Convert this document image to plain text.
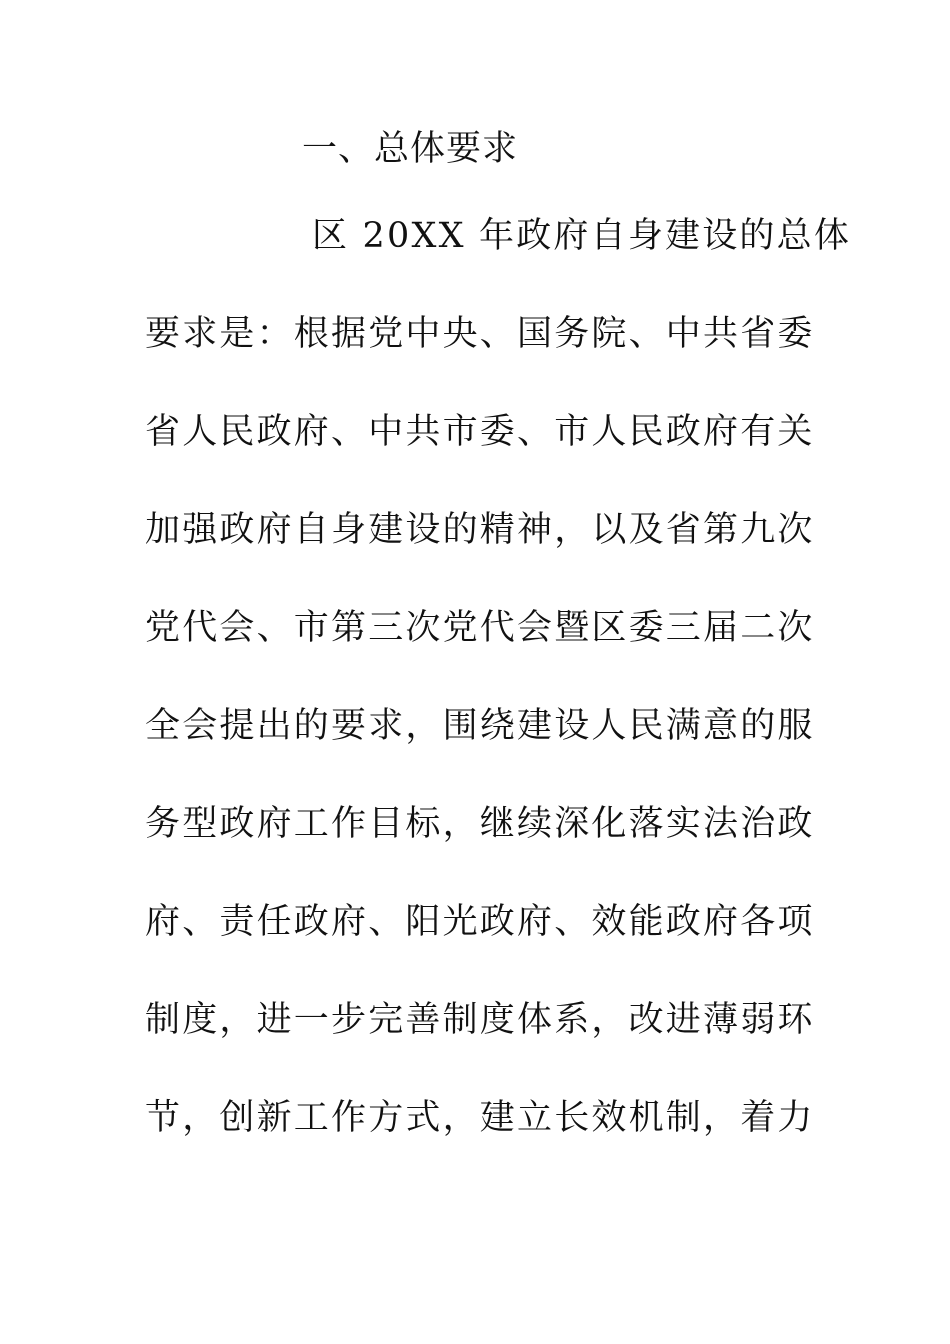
一、总体要求
区 20XX 年政府自身建设的总体
要求是：根据党中央、国务院、中共省委
省人民政府、中共市委、市人民政府有关
加强政府自身建设的精神，以及省第九次
党代会、市第三次党代会暨区委三届二次
全会提出的要求，围绕建设人民满意的服
务型政府工作目标，继续深化落实法治政
府、责任政府、阳光政府、效能政府各项
制度，进一步完善制度体系，改进薄弱环
节，创新工作方式，建立长效机制，着力
